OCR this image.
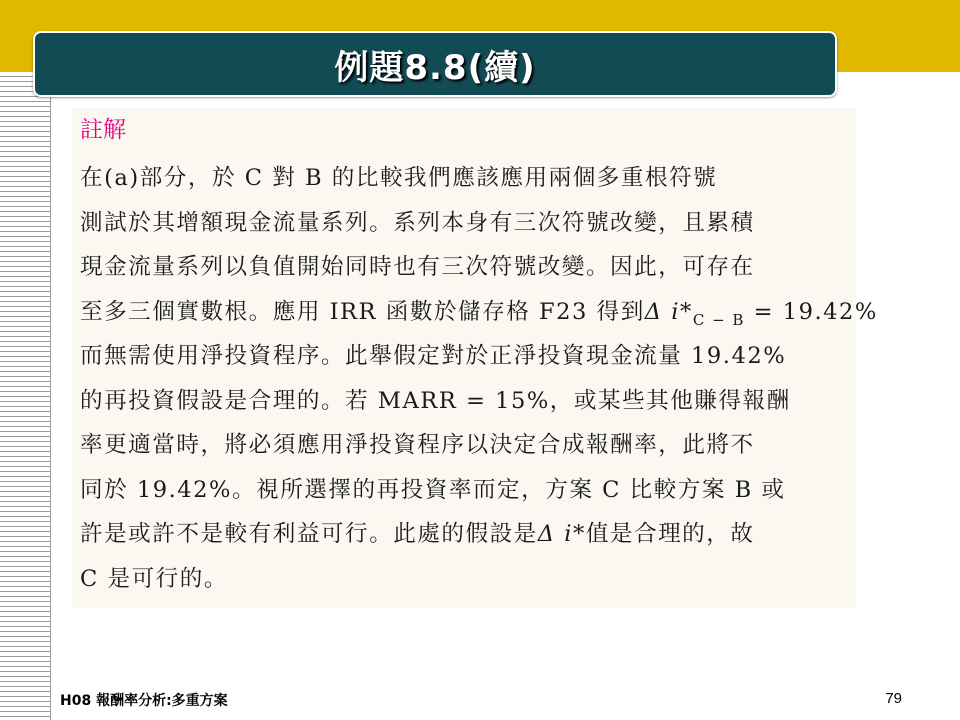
例題8.8(續)
註解
在(a)部分，於 C 對 B 的比較我們應該應用兩個多重根符號
測試於其增額現金流量系列。系列本身有三次符號改變，且累積
現金流量系列以負值開始同時也有三次符號改變。因此，可存在
至多三個實數根。應用 IRR 函數於儲存格 F23 得到Δ $i*_{C - B} = 19.42\%$
而無需使用淨投資程序。此舉假定對於正淨投資現金流量 19.42%
的再投資假設是合理的。若 MARR = 15%，或某些其他賺得報酬
率更適當時，將必須應用淨投資程序以決定合成報酬率，此將不
同於 19.42%。視所選擇的再投資率而定，方案 C 比較方案 B 或
許是或許不是較有利益可行。此處的假設是Δ i*值是合理的，故
C 是可行的。
H08 報酬率分析:多重方案	79
